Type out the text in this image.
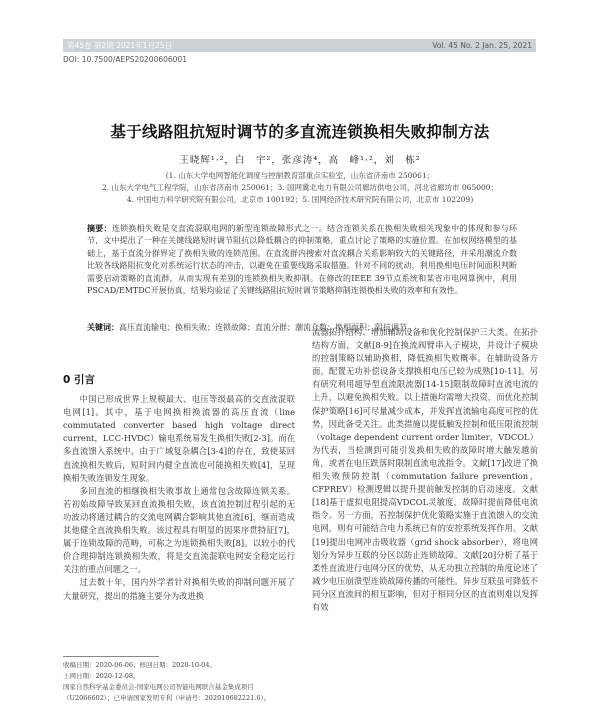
第45卷 第2期 2021年1月25日	Vol. 45 No. 2 Jan. 25, 2021
DOI: 10.7500/AEPS20200606001
基于线路阻抗短时调节的多直流连锁换相失败抑制方法
王晓辉¹·²，白　宇²，张彦涛⁴，高　峰¹·²，刘　栋²
(1. 山东大学电网智能化调度与控制教育部重点实验室，山东省济南市 250061；
2. 山东大学电气工程学院，山东省济南市 250061；3. 国网冀北电力有限公司廊坊供电公司，河北省廊坊市 065000；
4. 中国电力科学研究院有限公司，北京市 100192；5. 国网经济技术研究院有限公司，北京市 102209)
摘要：连锁换相失败是交直流混联电网的新型连锁故障形式之一。结合连锁关系在换相失败相关现象中的体现和参与环节，文中提出了一种在关键线路短时调节阻抗以降低耦合的抑制策略，重点讨论了策略的实施位置。在加权网络模型的基础上，基于直流分群界定了换相失败的连锁范围。在直流群内搜索对直流耦合关系影响较大的关键路径，并采用潮流介数比较各线路阻抗变化对系统运行状态的冲击，以避免在重要线路采取措施。针对不同的扰动，利用换相电压时间面积判断需要启动策略的直流群，从而实现有差别的连锁换相失败抑制。在修改的IEEE 39节点系统和某省市电网算例中，利用PSCAD/EMTDC开展仿真，结果均验证了关键线路阻抗短时调节策略抑制连锁换相失败的效率和有效性。
关键词：高压直流输电；换相失败；连锁故障；直流分群；潮流介数；换相面积；阻抗调节
0 引言

中国已形成世界上规模最大、电压等级最高的交直流混联电网[1]。其中，基于电网换相换流器的高压直流（line commutated converter based high voltage direct current，LCC-HVDC）输电系统易发生换相失败[2-3]。而在多直流馈入系统中，由于广域复杂耦合[3-4]的存在，致使某回直流换相失败后，短时间内健全直流也可能换相失败[4]，呈现换相失败连锁发生现象。

多回直流的相继换相失败事故上通常包含故障连锁关系。若初始故障导致某回直流换相失败，该直流控制过程引起的无功波动将通过耦合的交流电网耦合影响其他直流[6]，继而造成其他健全直流换相失败。该过程具有明显的因果序贯特征[7]，属于连锁故障的范畴，可称之为连锁换相失败[8]。以较小的代价合理抑制连锁换相失败，将是交直流混联电网安全稳定运行关注的重点问题之一。

过去数十年，国内外学者针对换相失败的抑制问题开展了大量研究，提出的措施主要分为改进换

流器拓扑结构、增加辅助设备和优化控制保护三大类。在拓扑结构方面，文献[8-9]在换流阀臂串入子模块，并设计子模块的控制策略以辅助换相，降低换相失败概率。在辅助设备方面，配置无功补偿设备支撑换相电压已较为成熟[10-11]。另有研究利用超导型直流限流器[14-15]限制故障时直流电流的上升，以避免换相失败。以上措施均需增大投资，而优化控制保护策略[16]可尽量减少成本，并发挥直流输电高度可控的优势，因此备受关注。此类措施以提低触发控制和低压限流控制（voltage dependent current order limiter，VDCOL）为代表，当检测到可能引发换相失败的故障时增大触发越前角，或者在电压跌落时限制直流电流指令。文献[17]改进了换相失败预防控制（commutation failure prevention，CFPREV）检测逻辑以提升提前触发控制的启动速度。文献[18]基于虚拟电阻提高VDCOL灵敏度，故障时提前降低电流指令。另一方面，若控制保护优化策略实施于直流馈入的交流电网，则有可能结合电力系统已有的安控系统发挥作用。文献[19]提出电网冲击吸收器（grid shock absorber），将电网划分为异步互联的分区以防止连锁故障。文献[20]分析了基于柔性直流进行电网分区的优势，从无功独立控制的角度论述了减少电压崩溃型连锁故障传播的可能性。异步互联虽可降低不同分区直流间的相互影响，但对于相同分区的直流则难以发挥有效

收稿日期：2020-06-06；修回日期：2020-10-04。
上网日期：2020-12-08。
国家自然科学基金委员会-国家电网公司智能电网联合基金集成项目（U2066602）；已申请国家发明专利（申请号：202010682221.6）。
